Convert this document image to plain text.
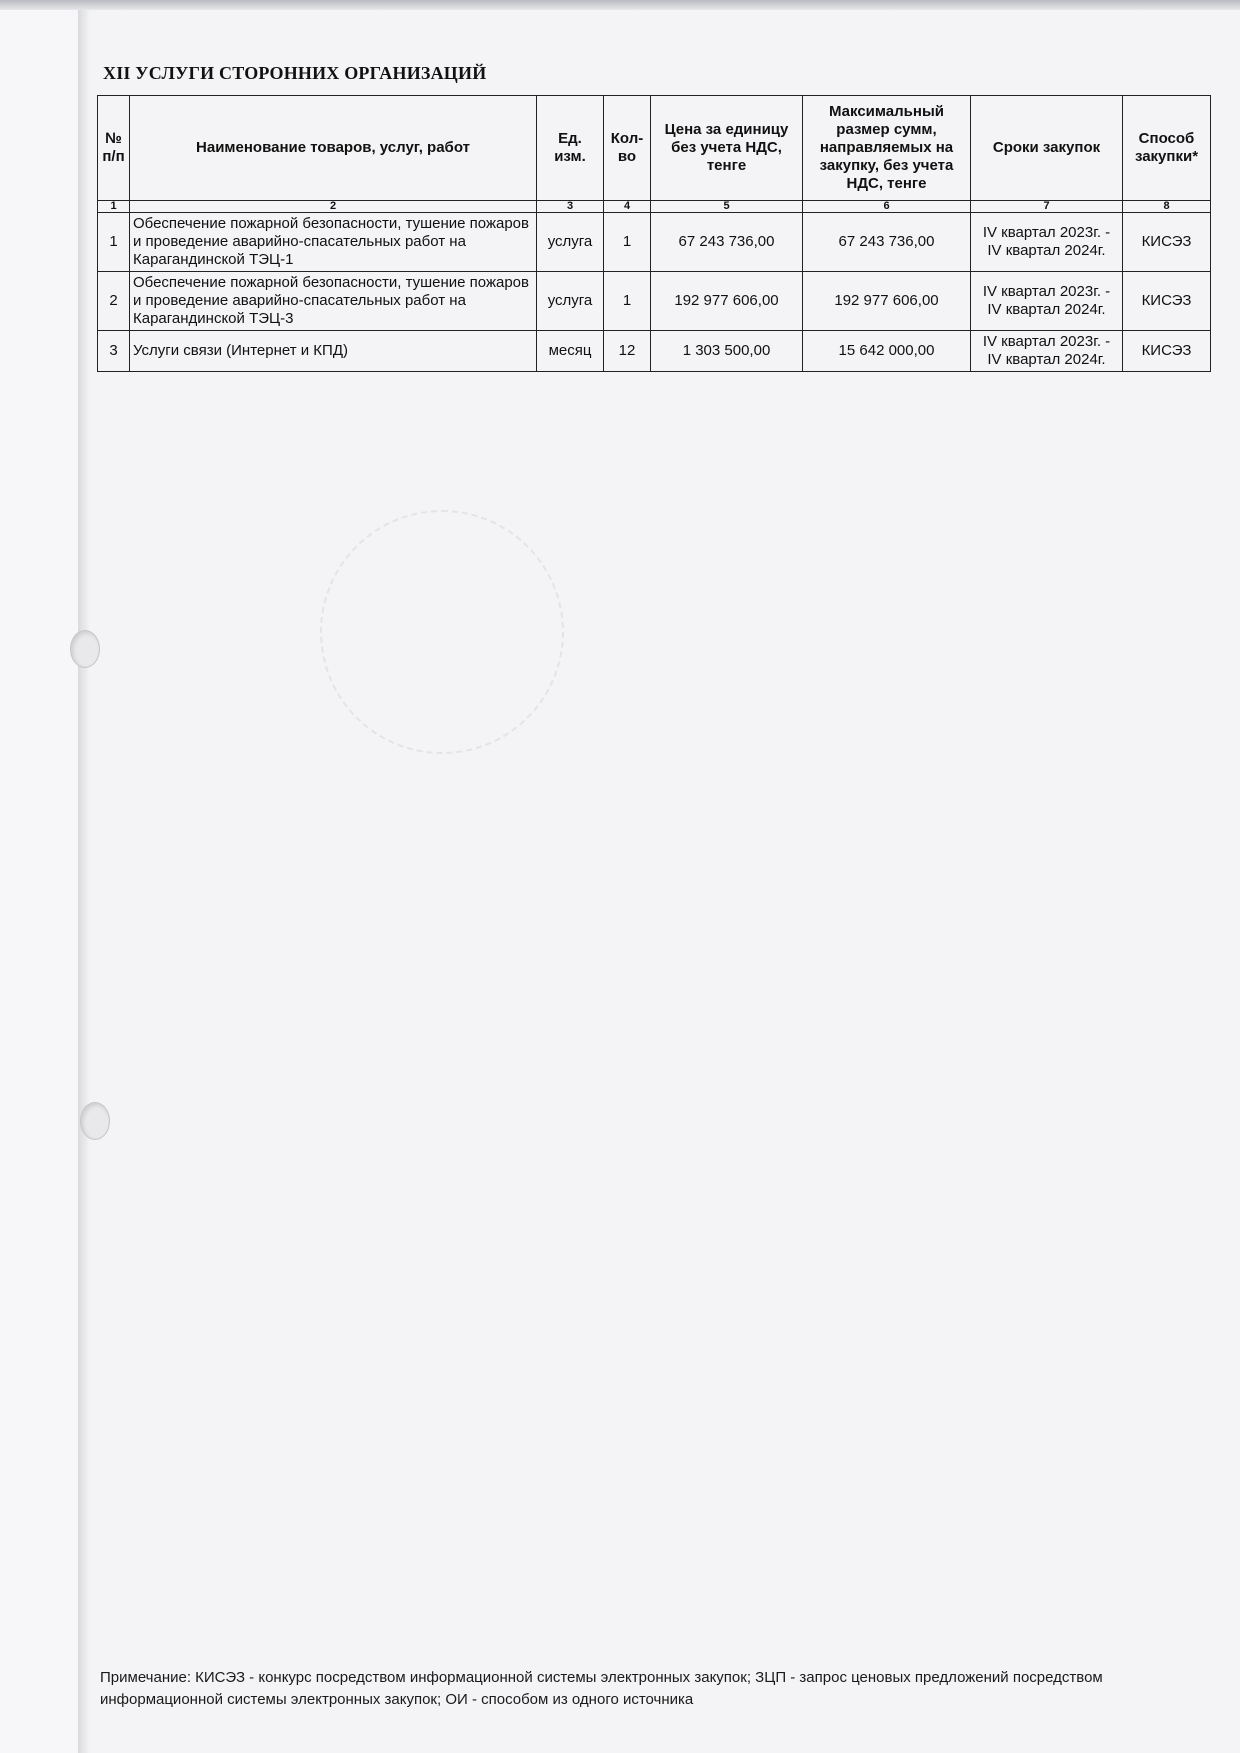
XII УСЛУГИ СТОРОННИХ ОРГАНИЗАЦИЙ
№ п/п	Наименование товаров, услуг, работ	Ед. изм.	Кол-во	Цена за единицу без учета НДС, тенге	Максимальный размер сумм, направляемых на закупку, без учета НДС, тенге	Сроки закупок	Способ закупки*
1	2	3	4	5	6	7	8
1	Обеспечение пожарной безопасности, тушение пожаров и проведение аварийно-спасательных работ на Карагандинской ТЭЦ-1	услуга	1	67 243 736,00	67 243 736,00	IV квартал 2023г. - IV квартал 2024г.	КИСЭЗ
2	Обеспечение пожарной безопасности, тушение пожаров и проведение аварийно-спасательных работ на Карагандинской ТЭЦ-3	услуга	1	192 977 606,00	192 977 606,00	IV квартал 2023г. - IV квартал 2024г.	КИСЭЗ
3	Услуги связи (Интернет и КПД)	месяц	12	1 303 500,00	15 642 000,00	IV квартал 2023г. - IV квартал 2024г.	КИСЭЗ
Примечание: КИСЭЗ - конкурс посредством информационной системы электронных закупок; ЗЦП - запрос ценовых предложений посредством
информационной системы электронных закупок; ОИ - способом из одного источника
